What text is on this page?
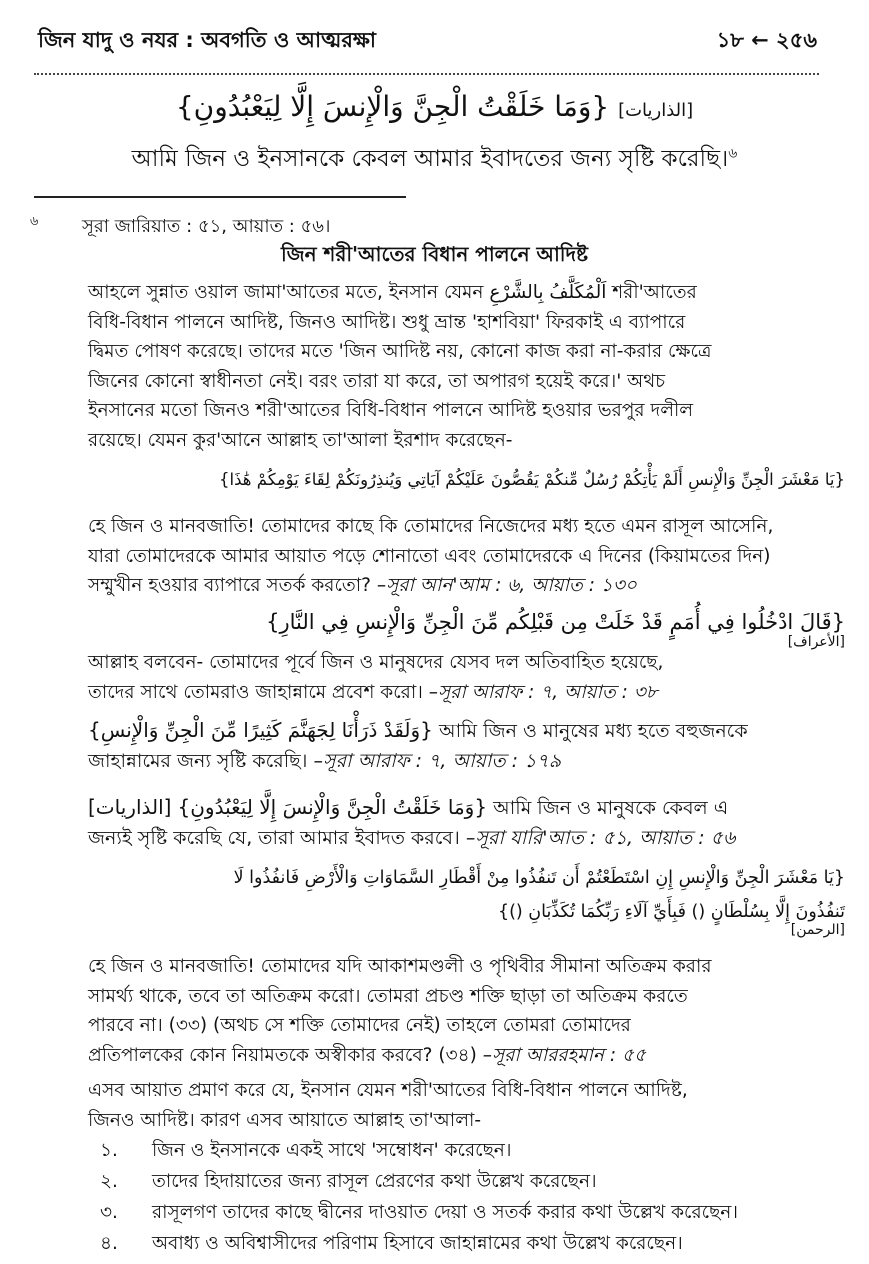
জিন যাদু ও নযর : অবগতি ও আত্মরক্ষা	১৮ ← ২৫৬
{وَمَا خَلَقْتُ الْجِنَّ وَالْإِنسَ إِلَّا لِيَعْبُدُونِ} [الذاريات]
আমি জিন ও ইনসানকে কেবল আমার ইবাদতের জন্য সৃষ্টি করেছি।$^৬$
৬ সূরা জারিয়াত : ৫১, আয়াত : ৫৬।
জিন শরী'আতের বিধান পালনে আদিষ্ট
আহলে সুন্নাত ওয়াল জামা'আতের মতে, ইনসান যেমন ﺍَﻟْﻤُﻜَﻠَّﻒُ ﺑِﺎﻟﺸَّﺮْﻉِ শরী'আতের
বিধি-বিধান পালনে আদিষ্ট, জিনও আদিষ্ট। শুধু ভ্রান্ত 'হাশবিয়া' ফিরকাই এ ব্যাপারে
দ্বিমত পোষণ করেছে। তাদের মতে 'জিন আদিষ্ট নয়, কোনো কাজ করা না-করার ক্ষেত্রে
জিনের কোনো স্বাধীনতা নেই। বরং তারা যা করে, তা অপারগ হয়েই করে।' অথচ
ইনসানের মতো জিনও শরী'আতের বিধি-বিধান পালনে আদিষ্ট হওয়ার ভরপুর দলীল
রয়েছে। যেমন কুর'আনে আল্লাহ তা'আলা ইরশাদ করেছেন-
{يَا مَعْشَرَ الْجِنِّ وَالْإِنسِ أَلَمْ يَأْتِكُمْ رُسُلٌ مِّنكُمْ يَقُصُّونَ عَلَيْكُمْ آيَاتِي وَيُنذِرُونَكُمْ لِقَاءَ يَوْمِكُمْ هَٰذَا}
হে জিন ও মানবজাতি! তোমাদের কাছে কি তোমাদের নিজেদের মধ্য হতে এমন রাসূল আসেনি,
যারা তোমাদেরকে আমার আয়াত পড়ে শোনাতো এবং তোমাদেরকে এ দিনের (কিয়ামতের দিন)
সম্মুখীন হওয়ার ব্যাপারে সতর্ক করতো? –সূরা আন'আম : ৬, আয়াত : ১৩০
{قَالَ ادْخُلُوا فِي أُمَمٍ قَدْ خَلَتْ مِن قَبْلِكُم مِّنَ الْجِنِّ وَالْإِنسِ فِي النَّارِ}
[الأعراف]
আল্লাহ বলবেন- তোমাদের পূর্বে জিন ও মানুষদের যেসব দল অতিবাহিত হয়েছে,
তাদের সাথে তোমরাও জাহান্নামে প্রবেশ করো। –সূরা আরাফ : ৭, আয়াত : ৩৮
{وَلَقَدْ ذَرَأْنَا لِجَهَنَّمَ كَثِيرًا مِّنَ الْجِنِّ وَالْإِنسِ} আমি জিন ও মানুষের মধ্য হতে বহুজনকে
জাহান্নামের জন্য সৃষ্টি করেছি। –সূরা আরাফ : ৭, আয়াত : ১৭৯
[الذاريات] {وَمَا خَلَقْتُ الْجِنَّ وَالْإِنسَ إِلَّا لِيَعْبُدُونِ} আমি জিন ও মানুষকে কেবল এ
জন্যই সৃষ্টি করেছি যে, তারা আমার ইবাদত করবে। –সূরা যারি'আত : ৫১, আয়াত : ৫৬
{يَا مَعْشَرَ الْجِنِّ وَالْإِنسِ إِنِ اسْتَطَعْتُمْ أَن تَنفُذُوا مِنْ أَقْطَارِ السَّمَاوَاتِ وَالْأَرْضِ فَانفُذُوا لَا
تَنفُذُونَ إِلَّا بِسُلْطَانٍ () فَبِأَيِّ آلَاءِ رَبِّكُمَا تُكَذِّبَانِ ()}
[الرحمن]
হে জিন ও মানবজাতি! তোমাদের যদি আকাশমণ্ডলী ও পৃথিবীর সীমানা অতিক্রম করার
সামর্থ্য থাকে, তবে তা অতিক্রম করো। তোমরা প্রচণ্ড শক্তি ছাড়া তা অতিক্রম করতে
পারবে না। (৩৩) (অথচ সে শক্তি তোমাদের নেই) তাহলে তোমরা তোমাদের
প্রতিপালকের কোন নিয়ামতকে অস্বীকার করবে? (৩৪) –সূরা আররহমান : ৫৫
এসব আয়াত প্রমাণ করে যে, ইনসান যেমন শরী'আতের বিধি-বিধান পালনে আদিষ্ট,
জিনও আদিষ্ট। কারণ এসব আয়াতে আল্লাহ তা'আলা-
১. জিন ও ইনসানকে একই সাথে 'সম্বোধন' করেছেন।
২. তাদের হিদায়াতের জন্য রাসূল প্রেরণের কথা উল্লেখ করেছেন।
৩. রাসূলগণ তাদের কাছে দ্বীনের দাওয়াত দেয়া ও সতর্ক করার কথা উল্লেখ করেছেন।
৪. অবাধ্য ও অবিশ্বাসীদের পরিণাম হিসাবে জাহান্নামের কথা উল্লেখ করেছেন।
